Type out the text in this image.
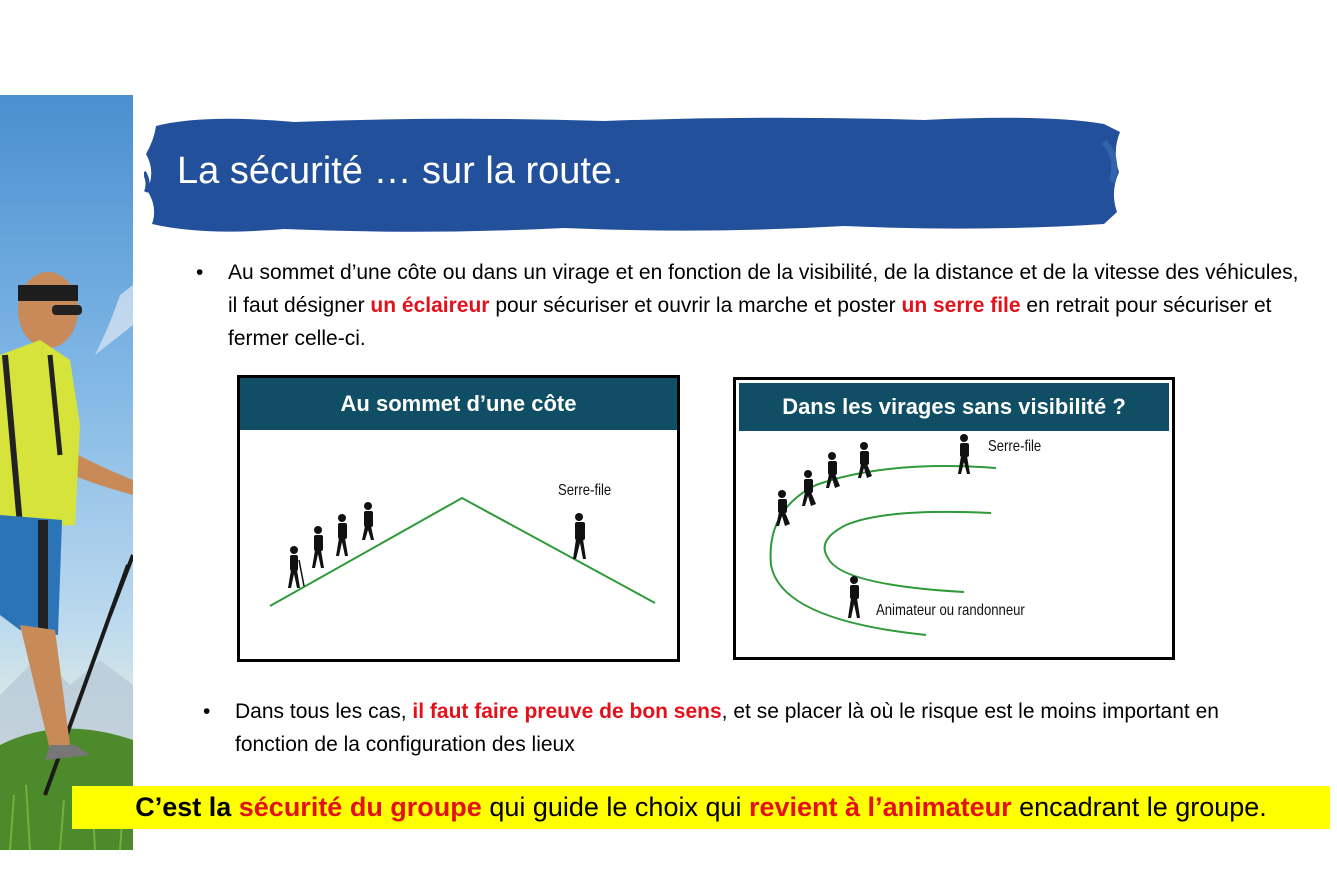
La sécurité … sur la route.
• Au sommet d’une côte ou dans un virage et en fonction de la visibilité, de la distance et de la vitesse des véhicules, il faut désigner un éclaireur pour sécuriser et ouvrir la marche et poster un serre file en retrait pour sécuriser et fermer celle-ci.
Au sommet d’une côte
Serre-file
Dans les virages sans visibilité ?
Serre-file
Animateur ou randonneur
• Dans tous les cas, il faut faire preuve de bon sens, et se placer là où le risque est le moins important en fonction de la configuration des lieux
C’est la sécurité du groupe qui guide le choix qui revient à l’animateur encadrant le groupe.
